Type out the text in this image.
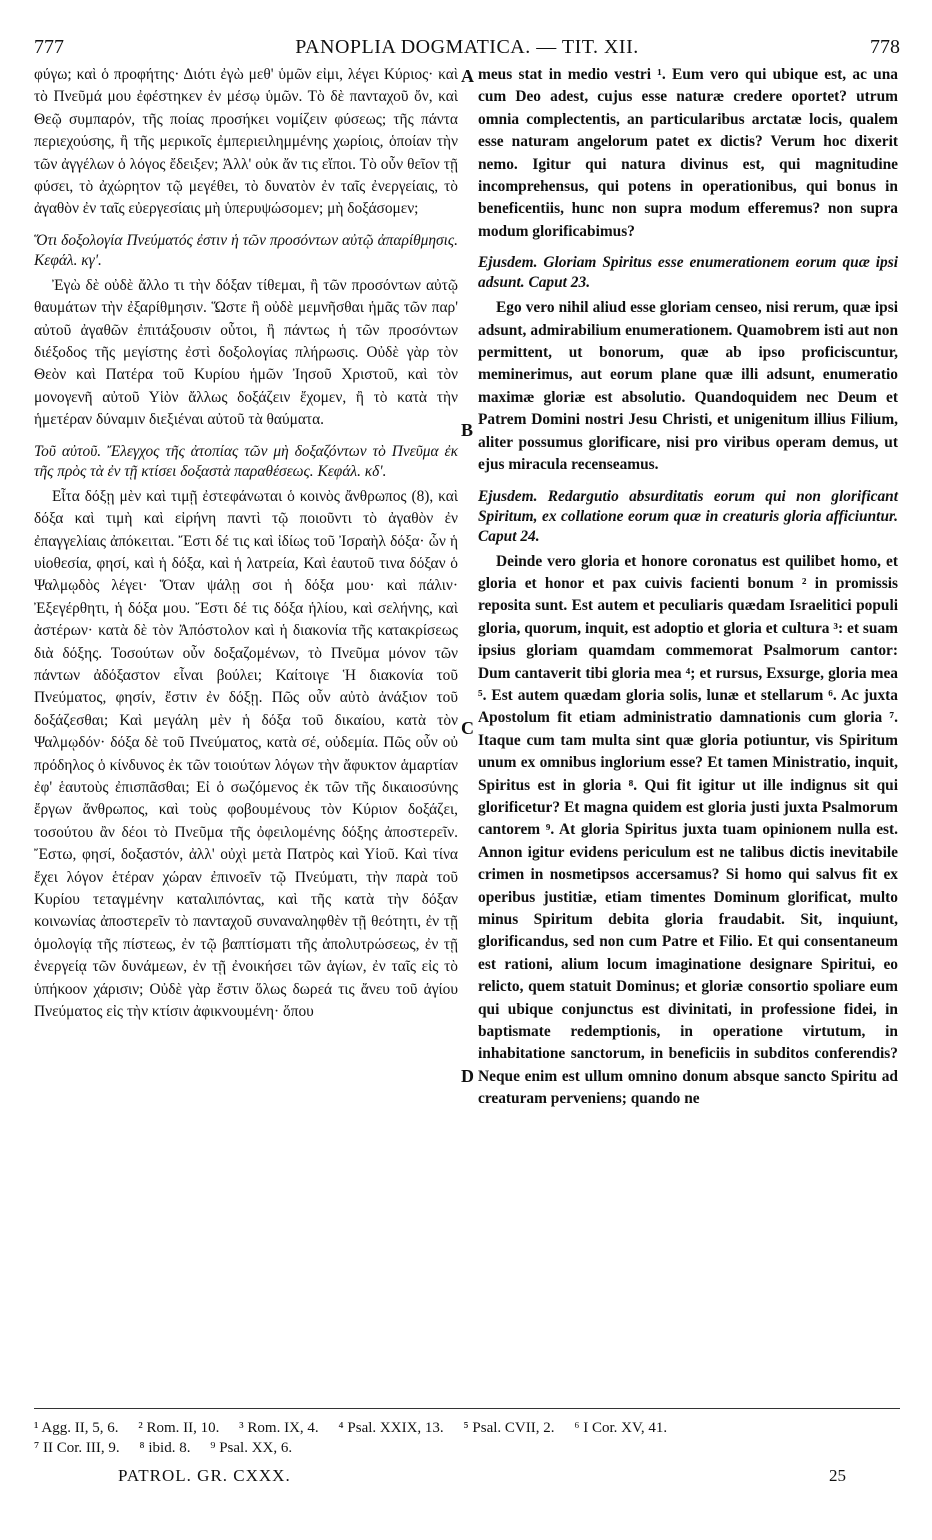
777	PANOPLIA DOGMATICA. — TIT. XII.	778

φύγω; καὶ ὁ προφήτης· Διότι ἐγὼ μεθ' ὑμῶν εἰμι, λέγει Κύριος· καὶ τὸ Πνεῦμά μου ἐφέστηκεν ἐν μέσῳ ὑμῶν. Τὸ δὲ πανταχοῦ ὄν, καὶ Θεῷ συμπαρόν, τῆς ποίας προσήκει νομίζειν φύσεως; τῆς πάντα περιεχούσης, ἢ τῆς μερικοῖς ἐμπεριειλημμένης χωρίοις, ὁποίαν τὴν τῶν ἀγγέλων ὁ λόγος ἔδειξεν; Ἀλλ' οὐκ ἄν τις εἴποι. Τὸ οὖν θεῖον τῇ φύσει, τὸ ἀχώρητον τῷ μεγέθει, τὸ δυνατὸν ἐν ταῖς ἐνεργείαις, τὸ ἀγαθὸν ἐν ταῖς εὐεργεσίαις μὴ ὑπερυψώσομεν; μὴ δοξάσομεν;

Ὅτι δοξολογία Πνεύματός ἐστιν ἡ τῶν προσόντων αὐτῷ ἀπαρίθμησις. Κεφάλ. κγ'.

Ἐγὼ δὲ οὐδὲ ἄλλο τι τὴν δόξαν τίθεμαι, ἢ τῶν προσόντων αὐτῷ θαυμάτων τὴν ἐξαρίθμησιν. Ὥστε ἢ οὐδὲ μεμνῆσθαι ἡμᾶς τῶν παρ' αὐτοῦ ἀγαθῶν ἐπιτάξουσιν οὗτοι, ἢ πάντως ἡ τῶν προσόντων διέξοδος τῆς μεγίστης ἐστὶ δοξολογίας πλήρωσις. Οὐδὲ γὰρ τὸν Θεὸν καὶ Πατέρα τοῦ Κυρίου ἡμῶν Ἰησοῦ Χριστοῦ, καὶ τὸν μονογενῆ αὐτοῦ Υἱὸν ἄλλως δοξάζειν ἔχομεν, ἢ τὸ κατὰ τὴν ἡμετέραν δύναμιν διεξιέναι αὐτοῦ τὰ θαύματα.

Τοῦ αὐτοῦ. Ἔλεγχος τῆς ἀτοπίας τῶν μὴ δοξαζόντων τὸ Πνεῦμα ἐκ τῆς πρὸς τὰ ἐν τῇ κτίσει δοξαστὰ παραθέσεως. Κεφάλ. κδ'.

Εἶτα δόξῃ μὲν καὶ τιμῇ ἐστεφάνωται ὁ κοινὸς ἄνθρωπος (8), καὶ δόξα καὶ τιμὴ καὶ εἰρήνη παντὶ τῷ ποιοῦντι τὸ ἀγαθὸν ἐν ἐπαγγελίαις ἀπόκειται. Ἔστι δέ τις καὶ ἰδίως τοῦ Ἰσραὴλ δόξα· ὧν ἡ υἱοθεσία, φησί, καὶ ἡ δόξα, καὶ ἡ λατρεία, Καὶ ἑαυτοῦ τινα δόξαν ὁ Ψαλμῳδὸς λέγει· Ὅταν ψάλῃ σοι ἡ δόξα μου· καὶ πάλιν· Ἐξεγέρθητι, ἡ δόξα μου. Ἔστι δέ τις δόξα ἡλίου, καὶ σελήνης, καὶ ἀστέρων· κατὰ δὲ τὸν Ἀπόστολον καὶ ἡ διακονία τῆς κατακρίσεως διὰ δόξης. Τοσούτων οὖν δοξαζομένων, τὸ Πνεῦμα μόνον τῶν πάντων ἀδόξαστον εἶναι βούλει; Καίτοιγε Ἡ διακονία τοῦ Πνεύματος, φησίν, ἔστιν ἐν δόξῃ. Πῶς οὖν αὐτὸ ἀνάξιον τοῦ δοξάζεσθαι; Καὶ μεγάλη μὲν ἡ δόξα τοῦ δικαίου, κατὰ τὸν Ψαλμῳδόν· δόξα δὲ τοῦ Πνεύματος, κατὰ σέ, οὐδεμία. Πῶς οὖν οὐ πρόδηλος ὁ κίνδυνος ἐκ τῶν τοιούτων λόγων τὴν ἄφυκτον ἁμαρτίαν ἐφ' ἑαυτοὺς ἐπισπᾶσθαι; Εἰ ὁ σωζόμενος ἐκ τῶν τῆς δικαιοσύνης ἔργων ἄνθρωπος, καὶ τοὺς φοβουμένους τὸν Κύριον δοξάζει, τοσούτου ἂν δέοι τὸ Πνεῦμα τῆς ὀφειλομένης δόξης ἀποστερεῖν. Ἔστω, φησί, δοξαστόν, ἀλλ' οὐχὶ μετὰ Πατρὸς καὶ Υἱοῦ. Καὶ τίνα ἔχει λόγον ἑτέραν χώραν ἐπινοεῖν τῷ Πνεύματι, τὴν παρὰ τοῦ Κυρίου τεταγμένην καταλιπόντας, καὶ τῆς κατὰ τὴν δόξαν κοινωνίας ἀποστερεῖν τὸ πανταχοῦ συναναληφθὲν τῇ θεότητι, ἐν τῇ ὁμολογίᾳ τῆς πίστεως, ἐν τῷ βαπτίσματι τῆς ἀπολυτρώσεως, ἐν τῇ ἐνεργείᾳ τῶν δυνάμεων, ἐν τῇ ἐνοικήσει τῶν ἁγίων, ἐν ταῖς εἰς τὸ ὑπήκοον χάρισιν; Οὐδὲ γὰρ ἔστιν ὅλως δωρεά τις ἄνευ τοῦ ἁγίου Πνεύματος εἰς τὴν κτίσιν ἀφικνουμένη· ὅπου

A
B
C
D

meus stat in medio vestri ¹. Eum vero qui ubique est, ac una cum Deo adest, cujus esse naturæ credere oportet? utrum omnia complectentis, an particularibus arctatæ locis, qualem esse naturam angelorum patet ex dictis? Verum hoc dixerit nemo. Igitur qui natura divinus est, qui magnitudine incomprehensus, qui potens in operationibus, qui bonus in beneficentiis, hunc non supra modum efferemus? non supra modum glorificabimus?

Ejusdem. Gloriam Spiritus esse enumerationem eorum quæ ipsi adsunt. Caput 23.

Ego vero nihil aliud esse gloriam censeo, nisi rerum, quæ ipsi adsunt, admirabilium enumerationem. Quamobrem isti aut non permittent, ut bonorum, quæ ab ipso proficiscuntur, meminerimus, aut eorum plane quæ illi adsunt, enumeratio maximæ gloriæ est absolutio. Quandoquidem nec Deum et Patrem Domini nostri Jesu Christi, et unigenitum illius Filium, aliter possumus glorificare, nisi pro viribus operam demus, ut ejus miracula recenseamus.

Ejusdem. Redargutio absurditatis eorum qui non glorificant Spiritum, ex collatione eorum quæ in creaturis gloria afficiuntur. Caput 24.

Deinde vero gloria et honore coronatus est quilibet homo, et gloria et honor et pax cuivis facienti bonum ² in promissis reposita sunt. Est autem et peculiaris quædam Israelitici populi gloria, quorum, inquit, est adoptio et gloria et cultura ³: et suam ipsius gloriam quamdam commemorat Psalmorum cantor: Dum cantaverit tibi gloria mea ⁴; et rursus, Exsurge, gloria mea ⁵. Est autem quædam gloria solis, lunæ et stellarum ⁶. Ac juxta Apostolum fit etiam administratio damnationis cum gloria ⁷. Itaque cum tam multa sint quæ gloria potiuntur, vis Spiritum unum ex omnibus inglorium esse? Et tamen Ministratio, inquit, Spiritus est in gloria ⁸. Qui fit igitur ut ille indignus sit qui glorificetur? Et magna quidem est gloria justi juxta Psalmorum cantorem ⁹. At gloria Spiritus juxta tuam opinionem nulla est. Annon igitur evidens periculum est ne talibus dictis inevitabile crimen in nosmetipsos accersamus? Si homo qui salvus fit ex operibus justitiæ, etiam timentes Dominum glorificat, multo minus Spiritum debita gloria fraudabit. Sit, inquiunt, glorificandus, sed non cum Patre et Filio. Et qui consentaneum est rationi, alium locum imaginatione designare Spiritui, eo relicto, quem statuit Dominus; et gloriæ consortio spoliare eum qui ubique conjunctus est divinitati, in professione fidei, in baptismate redemptionis, in operatione virtutum, in inhabitatione sanctorum, in beneficiis in subditos conferendis? Neque enim est ullum omnino donum absque sancto Spiritu ad creaturam perveniens; quando ne

¹ Agg. II, 5, 6. ² Rom. II, 10. ³ Rom. IX, 4. ⁴ Psal. XXIX, 13. ⁵ Psal. CVII, 2. ⁶ I Cor. XV, 41.
⁷ II Cor. III, 9. ⁸ ibid. 8. ⁹ Psal. XX, 6.
PATROL. GR. CXXX.	25
